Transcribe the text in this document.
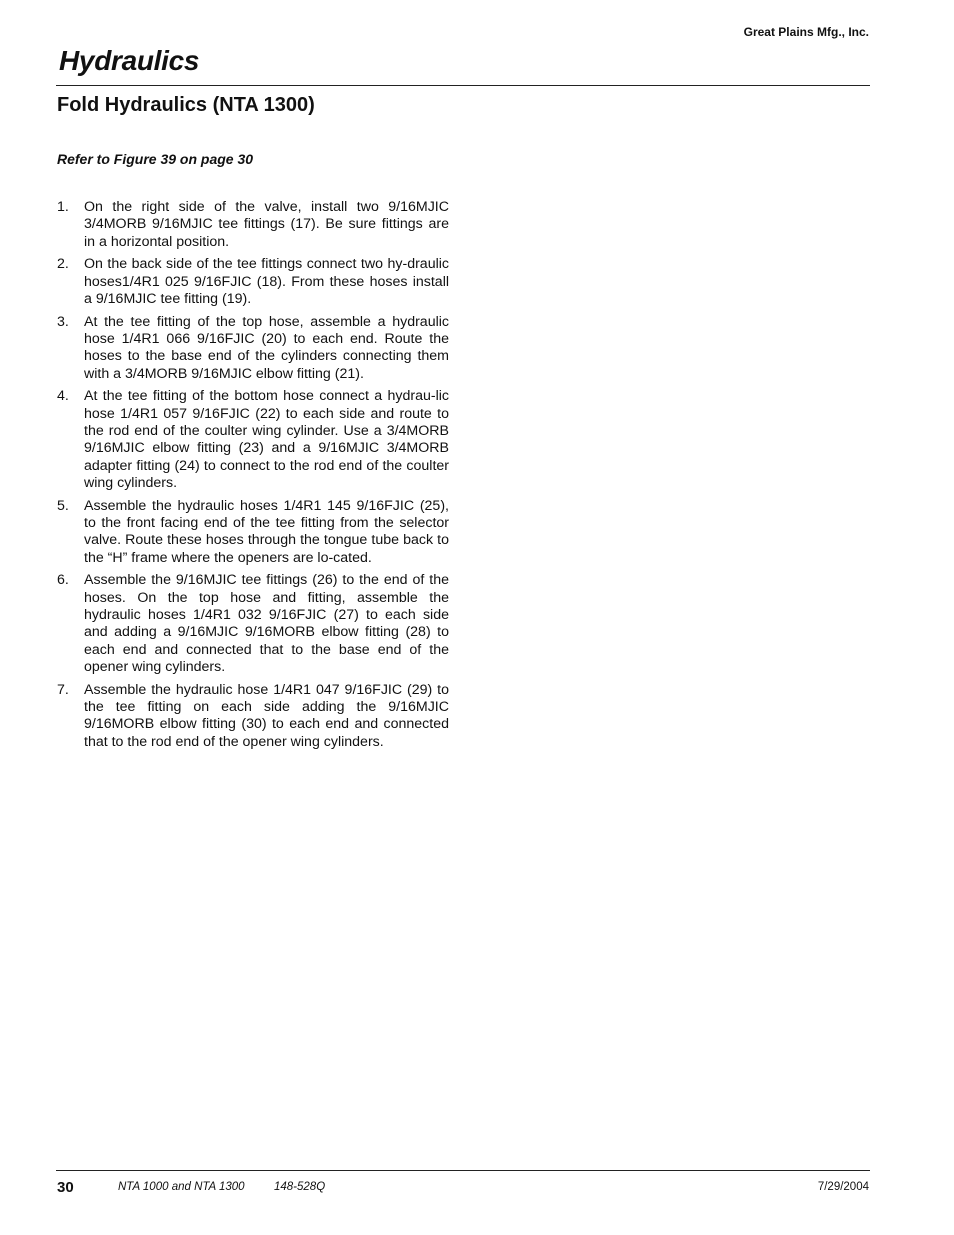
Great Plains Mfg., Inc.
Hydraulics
Fold Hydraulics (NTA 1300)
Refer to Figure 39 on page 30
1. On the right side of the valve, install two 9/16MJIC 3/4MORB 9/16MJIC tee fittings (17). Be sure fittings are in a horizontal position.
2. On the back side of the tee fittings connect two hy-draulic hoses1/4R1 025 9/16FJIC (18). From these hoses install a 9/16MJIC tee fitting (19).
3. At the tee fitting of the top hose, assemble a hydraulic hose 1/4R1 066 9/16FJIC (20) to each end. Route the hoses to the base end of the cylinders connecting them with a 3/4MORB 9/16MJIC elbow fitting (21).
4. At the tee fitting of the bottom hose connect a hydrau-lic hose 1/4R1 057 9/16FJIC (22) to each side and route to the rod end of the coulter wing cylinder. Use a 3/4MORB 9/16MJIC elbow fitting (23) and a 9/16MJIC 3/4MORB adapter fitting (24) to connect to the rod end of the coulter wing cylinders.
5. Assemble the hydraulic hoses 1/4R1 145 9/16FJIC (25), to the front facing end of the tee fitting from the selector valve. Route these hoses through the tongue tube back to the “H” frame where the openers are lo-cated.
6. Assemble the 9/16MJIC tee fittings (26) to the end of the hoses. On the top hose and fitting, assemble the hydraulic hoses 1/4R1 032 9/16FJIC (27) to each side and adding a 9/16MJIC 9/16MORB elbow fitting (28) to each end and connected that to the base end of the opener wing cylinders.
7. Assemble the hydraulic hose 1/4R1 047 9/16FJIC (29) to the tee fitting on each side adding the 9/16MJIC 9/16MORB elbow fitting (30) to each end and connected that to the rod end of the opener wing cylinders.
30	NTA 1000 and NTA 1300	148-528Q	7/29/2004
